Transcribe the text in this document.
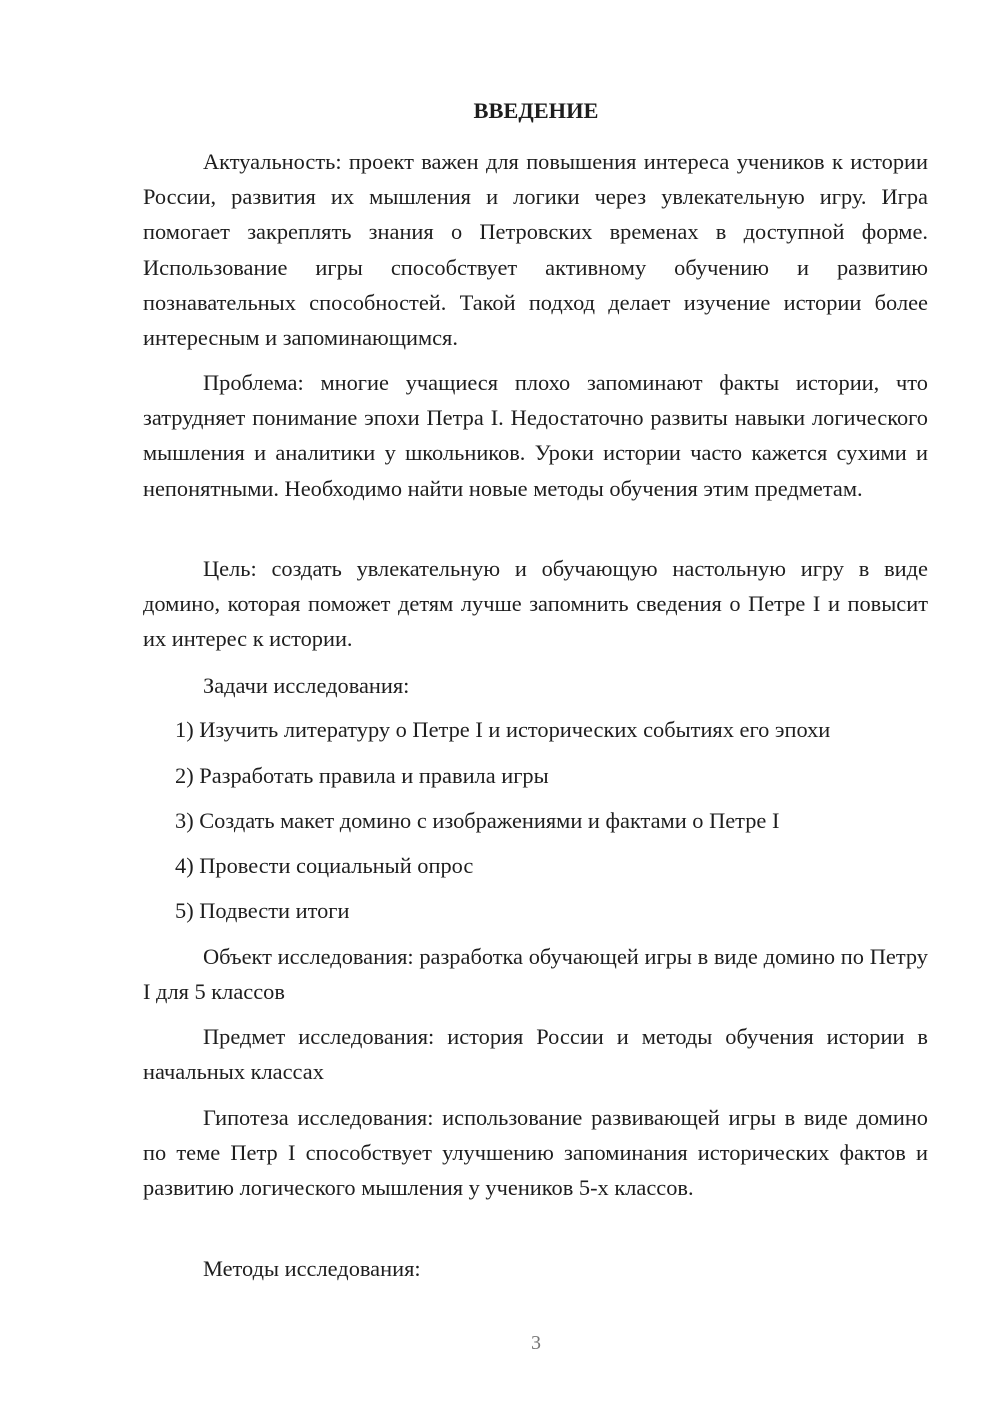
ВВЕДЕНИЕ

Актуальность: проект важен для повышения интереса учеников к истории России, развития их мышления и логики через увлекательную игру. Игра помогает закреплять знания о Петровских временах в доступной форме. Использование игры способствует активному обучению и развитию познавательных способностей. Такой подход делает изучение истории более интересным и запоминающимся.

Проблема: многие учащиеся плохо запоминают факты истории, что затрудняет понимание эпохи Петра I. Недостаточно развиты навыки логического мышления и аналитики у школьников. Уроки истории часто кажется сухими и непонятными. Необходимо найти новые методы обучения этим предметам.

Цель: создать увлекательную и обучающую настольную игру в виде домино, которая поможет детям лучше запомнить сведения о Петре I и повысит их интерес к истории.

Задачи исследования:

1) Изучить литературу о Петре I и исторических событиях его эпохи

2) Разработать правила и правила игры

3) Создать макет домино с изображениями и фактами о Петре I

4) Провести социальный опрос

5) Подвести итоги

Объект исследования: разработка обучающей игры в виде домино по Петру I для 5 классов

Предмет исследования: история России и методы обучения истории в начальных классах

Гипотеза исследования: использование развивающей игры в виде домино по теме Петр I способствует улучшению запоминания исторических фактов и развитию логического мышления у учеников 5-х классов.

Методы исследования:

3
